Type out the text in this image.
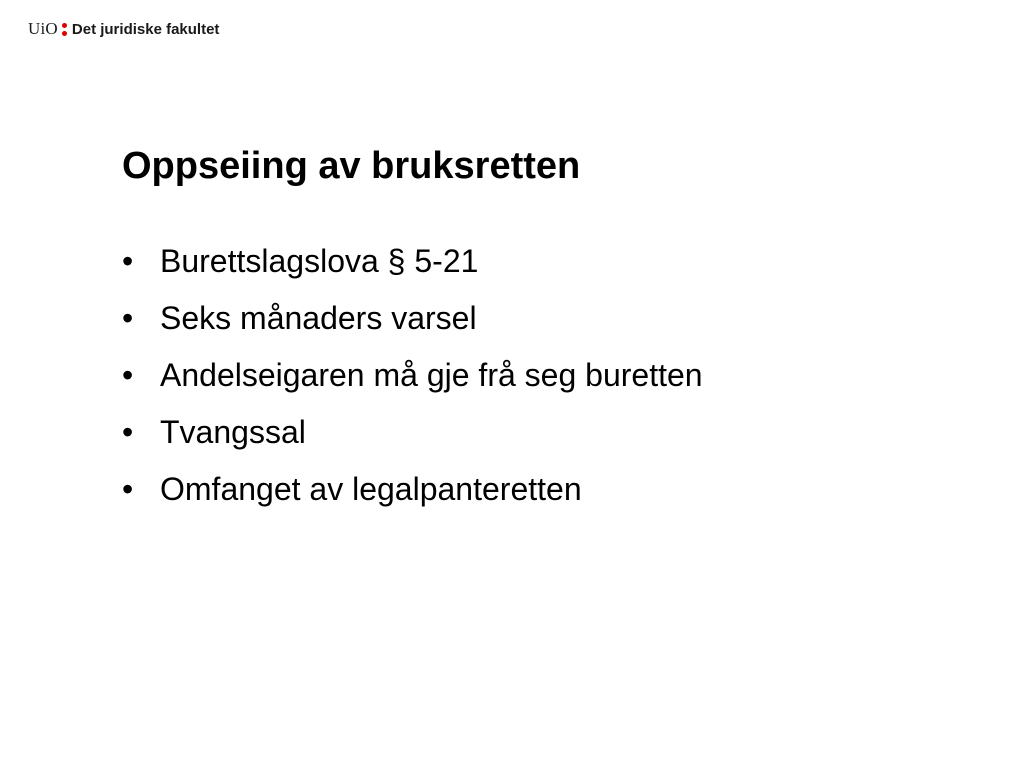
UiO Det juridiske fakultet
Oppseiing av bruksretten
• Burettslagslova § 5-21
• Seks månaders varsel
• Andelseigaren må gje frå seg buretten
• Tvangssal
• Omfanget av legalpanteretten
